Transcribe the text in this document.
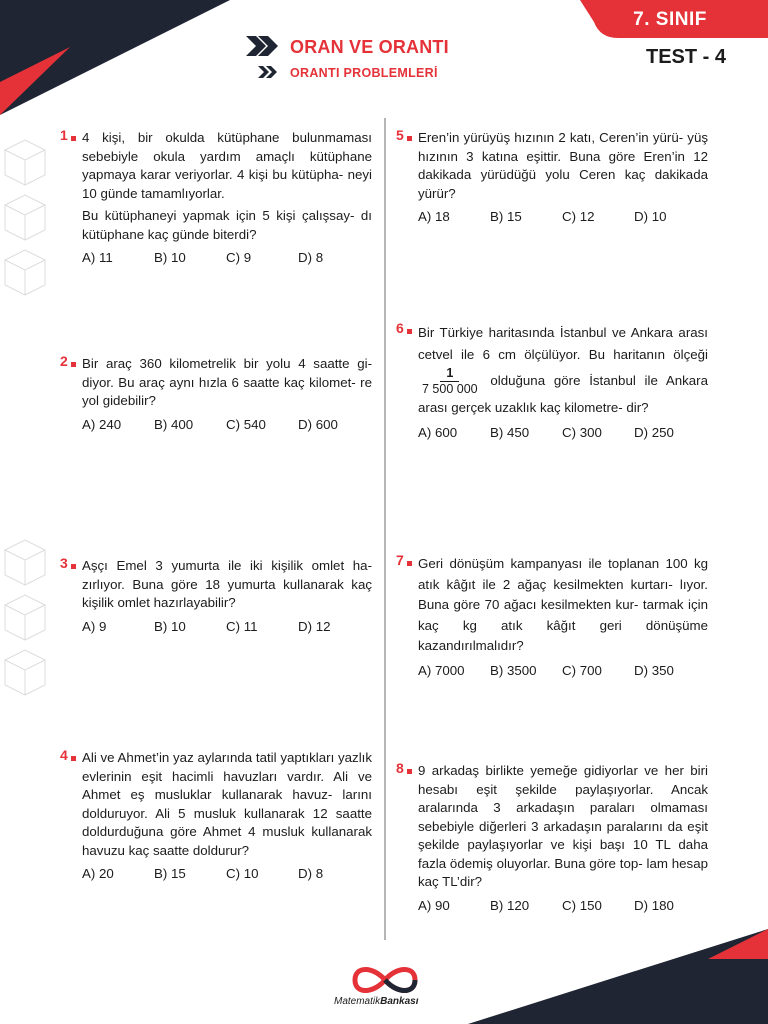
ORAN VE ORANTI
ORANTI PROBLEMLERİ
7. SINIF
TEST - 4
1 4 kişi, bir okulda kütüphane bulunmaması sebebiyle okula yardım amaçlı kütüphane yapmaya karar veriyorlar. 4 kişi bu kütüpha- neyi 10 günde tamamlıyorlar.

Bu kütüphaneyi yapmak için 5 kişi çalışsay- dı kütüphane kaç günde biterdi?

A) 11	B) 10	C) 9	D) 8
2 Bir araç 360 kilometrelik bir yolu 4 saatte gi- diyor. Bu araç aynı hızla 6 saatte kaç kilomet- re yol gidebilir?

A) 240	B) 400	C) 540	D) 600
3 Aşçı Emel 3 yumurta ile iki kişilik omlet ha- zırlıyor. Buna göre 18 yumurta kullanarak kaç kişilik omlet hazırlayabilir?

A) 9	B) 10	C) 11	D) 12
4 Ali ve Ahmet’in yaz aylarında tatil yaptıkları yazlık evlerinin eşit hacimli havuzları vardır. Ali ve Ahmet eş musluklar kullanarak havuz- larını dolduruyor. Ali 5 musluk kullanarak 12 saatte doldurduğuna göre Ahmet 4 musluk kullanarak havuzu kaç saatte doldurur?

A) 20	B) 15	C) 10	D) 8
5 Eren’in yürüyüş hızının 2 katı, Ceren’in yürü- yüş hızının 3 katına eşittir. Buna göre Eren’in 12 dakikada yürüdüğü yolu Ceren kaç dakikada yürür?

A) 18	B) 15	C) 12	D) 10
6 Bir Türkiye haritasında İstanbul ve Ankara arası cetvel ile 6 cm ölçülüyor. Bu haritanın ölçeği
$\frac{1}{7 500 000}$ olduğuna göre İstanbul ile Ankara arası gerçek uzaklık kaç kilometre- dir?

A) 600	B) 450	C) 300	D) 250
7 Geri dönüşüm kampanyası ile toplanan 100 kg atık kâğıt ile 2 ağaç kesilmekten kurtarı- lıyor. Buna göre 70 ağacı kesilmekten kur- tarmak için kaç kg atık kâğıt geri dönüşüme kazandırılmalıdır?

A) 7000	B) 3500	C) 700	D) 350
8 9 arkadaş birlikte yemeğe gidiyorlar ve her biri hesabı eşit şekilde paylaşıyorlar. Ancak aralarında 3 arkadaşın paraları olmaması sebebiyle diğerleri 3 arkadaşın paralarını da eşit şekilde paylaşıyorlar ve kişi başı 10 TL daha fazla ödemiş oluyorlar. Buna göre top- lam hesap kaç TL’dir?

A) 90	B) 120	C) 150	D) 180
MatematikBankası
